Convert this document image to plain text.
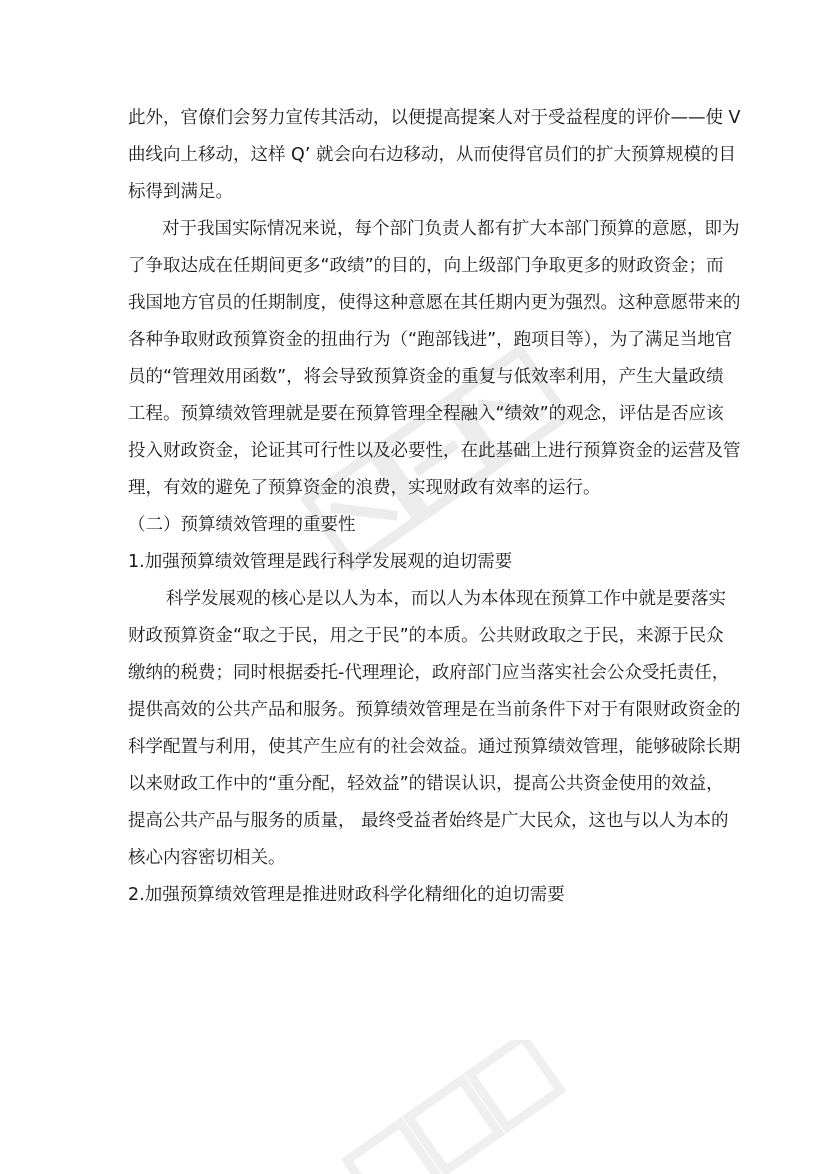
此外，官僚们会努力宣传其活动，以便提高提案人对于受益程度的评价——使 V

曲线向上移动，这样 Q’ 就会向右边移动，从而使得官员们的扩大预算规模的目

标得到满足。

对于我国实际情况来说，每个部门负责人都有扩大本部门预算的意愿，即为

了争取达成在任期间更多“政绩”的目的，向上级部门争取更多的财政资金；而

我国地方官员的任期制度，使得这种意愿在其任期内更为强烈。这种意愿带来的

各种争取财政预算资金的扭曲行为（“跑部钱进”，跑项目等），为了满足当地官

员的“管理效用函数”，将会导致预算资金的重复与低效率利用，产生大量政绩

工程。预算绩效管理就是要在预算管理全程融入“绩效”的观念，评估是否应该

投入财政资金，论证其可行性以及必要性，在此基础上进行预算资金的运营及管

理，有效的避免了预算资金的浪费，实现财政有效率的运行。

（二）预算绩效管理的重要性

1.加强预算绩效管理是践行科学发展观的迫切需要

科学发展观的核心是以人为本，而以人为本体现在预算工作中就是要落实

财政预算资金“取之于民，用之于民”的本质。公共财政取之于民，来源于民众

缴纳的税费；同时根据委托-代理理论，政府部门应当落实社会公众受托责任，

提供高效的公共产品和服务。预算绩效管理是在当前条件下对于有限财政资金的

科学配置与利用，使其产生应有的社会效益。通过预算绩效管理，能够破除长期

以来财政工作中的“重分配，轻效益”的错误认识，提高公共资金使用的效益，

提高公共产品与服务的质量， 最终受益者始终是广大民众，这也与以人为本的

核心内容密切相关。

2.加强预算绩效管理是推进财政科学化精细化的迫切需要
